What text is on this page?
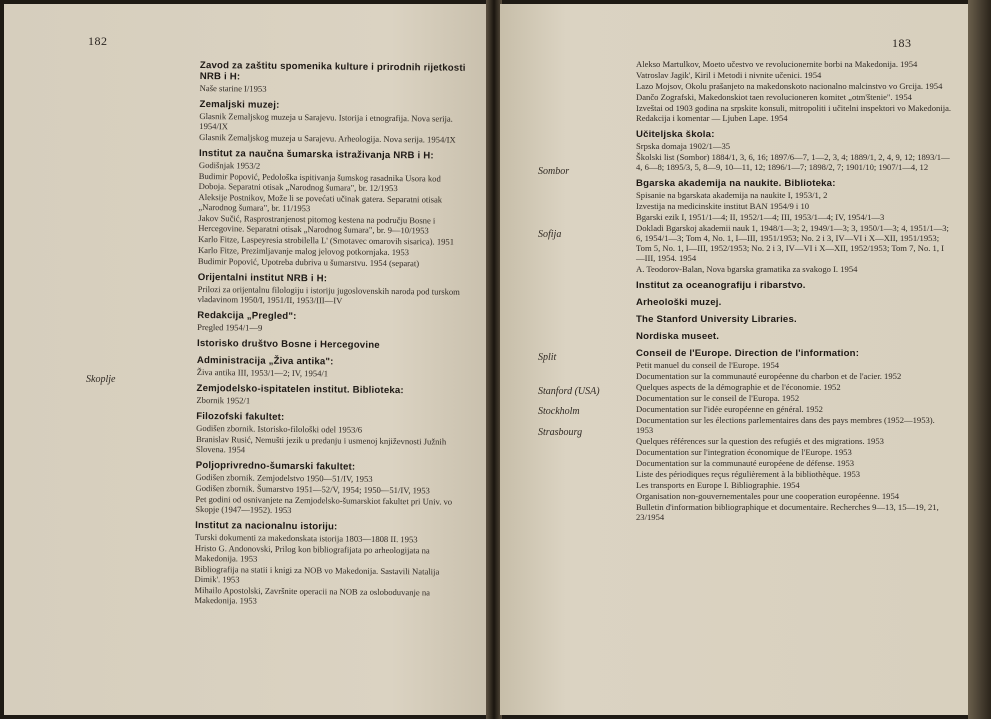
182
Skoplje

Zavod za zaštitu spomenika kulture i prirodnih rijetkosti NRB i H:

Naše starine I/1953

Zemaljski muzej:

Glasnik Zemaljskog muzeja u Sarajevu. Istorija i etnografija. Nova serija. 1954/IX

Glasnik Zemaljskog muzeja u Sarajevu. Arheologija. Nova serija. 1954/IX

Institut za naučna šumarska istraživanja NRB i H:

Godišnjak 1953/2

Budimir Popović, Pedološka ispitivanja šumskog rasadnika Usora kod Doboja. Separatni otisak „Narodnog šumara", br. 12/1953

Aleksije Postnikov, Može li se povećati učinak gatera. Separatni otisak „Narodnog šumara", br. 11/1953

Jakov Sučić, Rasprostranjenost pitomog kestena na području Bosne i Hercegovine. Separatni otisak „Narodnog šumara", br. 9—10/1953

Karlo Fitze, Laspeyresia strobilella L' (Smotavec omarovih sisarica). 1951

Karlo Fitze, Prezimljavanje malog jelovog potkornjaka. 1953

Budimir Popović, Upotreba dubriva u šumarstvu. 1954 (separat)

Orijentalni institut NRB i H:

Prilozi za orijentalnu filologiju i istoriju jugoslovenskih naroda pod turskom vladavinom 1950/I, 1951/II, 1953/III—IV

Redakcija „Pregled":

Pregled 1954/1—9

Istorisko društvo Bosne i Hercegovine

Administracija „Živa antika":

Živa antika III, 1953/1—2; IV, 1954/1

Zemjodelsko-ispitatelen institut. Biblioteka:

Zbornik 1952/1

Filozofski fakultet:

Godišen zbornik. Istorisko-filološki odel 1953/6

Branislav Rusić, Nemušti jezik u predanju i usmenoj književnosti Južnih Slovena. 1954

Poljoprivredno-šumarski fakultet:

Godišen zbornik. Zemjodelstvo 1950—51/IV, 1953

Godišen zbornik. Šumarstvo 1951—52/V, 1954; 1950—51/IV, 1953

Pet godini od osnivanjete na Zemjodelsko-šumarskiot fakultet pri Univ. vo Skopje (1947—1952). 1953

Institut za nacionalnu istoriju:

Turski dokumenti za makedonskata istorija 1803—1808 II. 1953

Hristo G. Andonovski, Prilog kon bibliografijata po arheologijata na Makedonija. 1953

Bibliografija na statii i knigi za NOB vo Makedonija. Sastavili Natalija Dimik'. 1953

Mihailo Apostolski, Završnite operacii na NOB za osloboduvanje na Makedonija. 1953

183
Sombor
Sofija
Split
Stanford (USA)
Stockholm
Strasbourg

Aleksо Martulkov, Moeto učestvo ve revolucionernite borbi na Makedonija. 1954

Vatroslav Jagik', Kiril i Metodi i nivnite učenici. 1954

Lazo Mojsov, Okolu prašanjeto na makedonskoto nacionalno malcinstvo vo Grcija. 1954

Dančo Zografski, Makedonskiot taen revolucioneren komitet „otm'štenie". 1954

Izveštai od 1903 godina na srpskite konsuli, mitropoliti i učitelni inspektori vo Makedonija. Redakcija i komentar — Ljuben Lape. 1954

Učiteljska škola:

Srpska domaja 1902/1—35

Školski list (Sombor) 1884/1, 3, 6, 16; 1897/6—7, 1—2, 3, 4; 1889/1, 2, 4, 9, 12; 1893/1—4, 6—8; 1895/3, 5, 8—9, 10—11, 12; 1896/1—7; 1898/2, 7; 1901/10; 1907/1—4, 12

Bgarska akademija na naukite. Biblioteka:

Spisanie na bgarskata akademija na naukite I, 1953/1, 2

Izvestija na medicinskite institut BAN 1954/9 i 10

Bgarski ezik I, 1951/1—4; II, 1952/1—4; III, 1953/1—4; IV, 1954/1—3

Dokladi Bgarskoj akademii nauk 1, 1948/1—3; 2, 1949/1—3; 3, 1950/1—3; 4, 1951/1—3; 6, 1954/1—3; Tom 4, No. 1, I—III, 1951/1953; No. 2 i 3, IV—VI i X—XII, 1951/1953; Tom 5, No. 1, I—III, 1952/1953; No. 2 i 3, IV—VI i X—XII, 1952/1953; Tom 7, No. 1, I—III, 1954. 1954

A. Teodorov-Balan, Nova bgarska gramatika za svakogo I. 1954

Institut za oceanografiju i ribarstvo.

Arheološki muzej.

The Stanford University Libraries.

Nordiska museet.

Conseil de l'Europe. Direction de l'information:

Petit manuel du conseil de l'Europe. 1954

Documentation sur la communauté européenne du charbon et de l'acier. 1952

Quelques aspects de la démographie et de l'économie. 1952

Documentation sur le conseil de l'Europa. 1952

Documentation sur l'idée européenne en général. 1952

Documentation sur les élections parlementaires dans des pays membres (1952—1953). 1953

Quelques références sur la question des refugiés et des migrations. 1953

Documentation sur l'integration économique de l'Europe. 1953

Documentation sur la communauté européene de défense. 1953

Liste des périodiques reçus régulièrement à la bibliothèque. 1953

Les transports en Europe I. Bibliographie. 1954

Organisation non-gouvernementales pour une cooperation européenne. 1954

Bulletin d'information bibliographique et documentaire. Recherches 9—13, 15—19, 21, 23/1954
